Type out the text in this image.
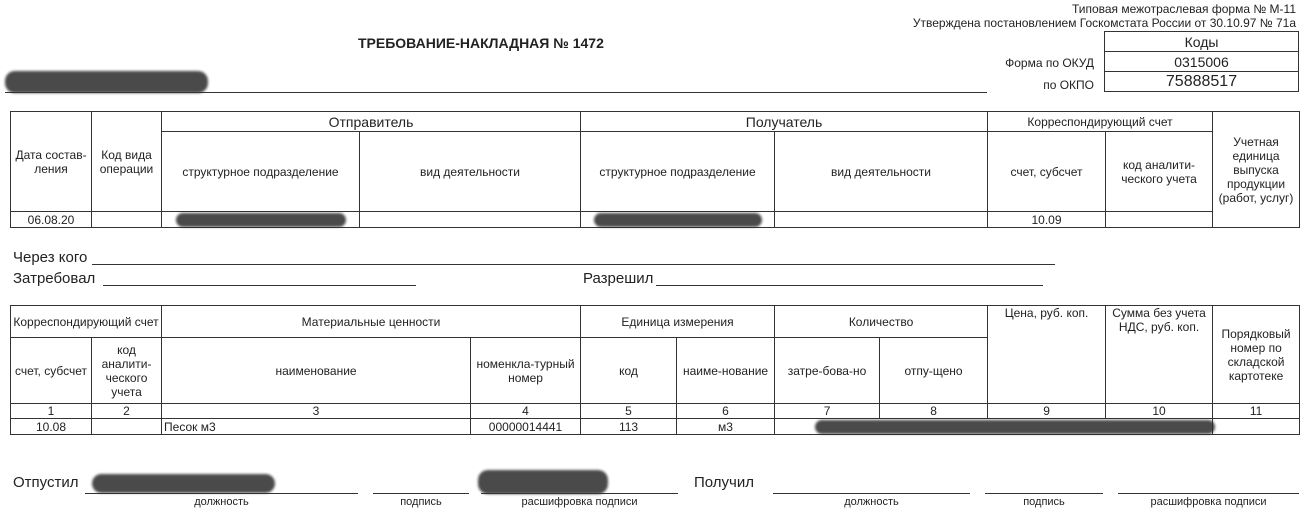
Типовая межотраслевая форма № М-11
Утверждена постановлением Госкомстата России от 30.10.97 № 71а
ТРЕБОВАНИЕ-НАКЛАДНАЯ № 1472
Форма по ОКУД
по ОКПО
Коды
0315006
75888517
Дата состав-ления	Код вида операции	Отправитель		Получатель		Корреспондирующий счет		Учетная единица выпуска продукции (работ, услуг)
		структурное подразделение	вид деятельности	структурное подразделение	вид деятельности	счет, субсчет	код аналити-ческого учета	
06.08.20						10.09		
Через кого
Затребовал	Разрешил
Корреспондирующий счет		Материальные ценности		Единица измерения		Количество		Цена, руб. коп.	Сумма без учета НДС, руб. коп.	Порядковый номер по складской картотеке
счет, субсчет	код аналити-ческого учета	наименование	номенкла-турный номер	код	наиме-нование	затре-бова-но	отпу-щено			
1	2	3	4	5	6	7	8	9	10	11
10.08		Песок м3	00000014441	113	м3				

Отпустил
должность	подпись	расшифровка подписи
Получил
должность	подпись	расшифровка подписи
